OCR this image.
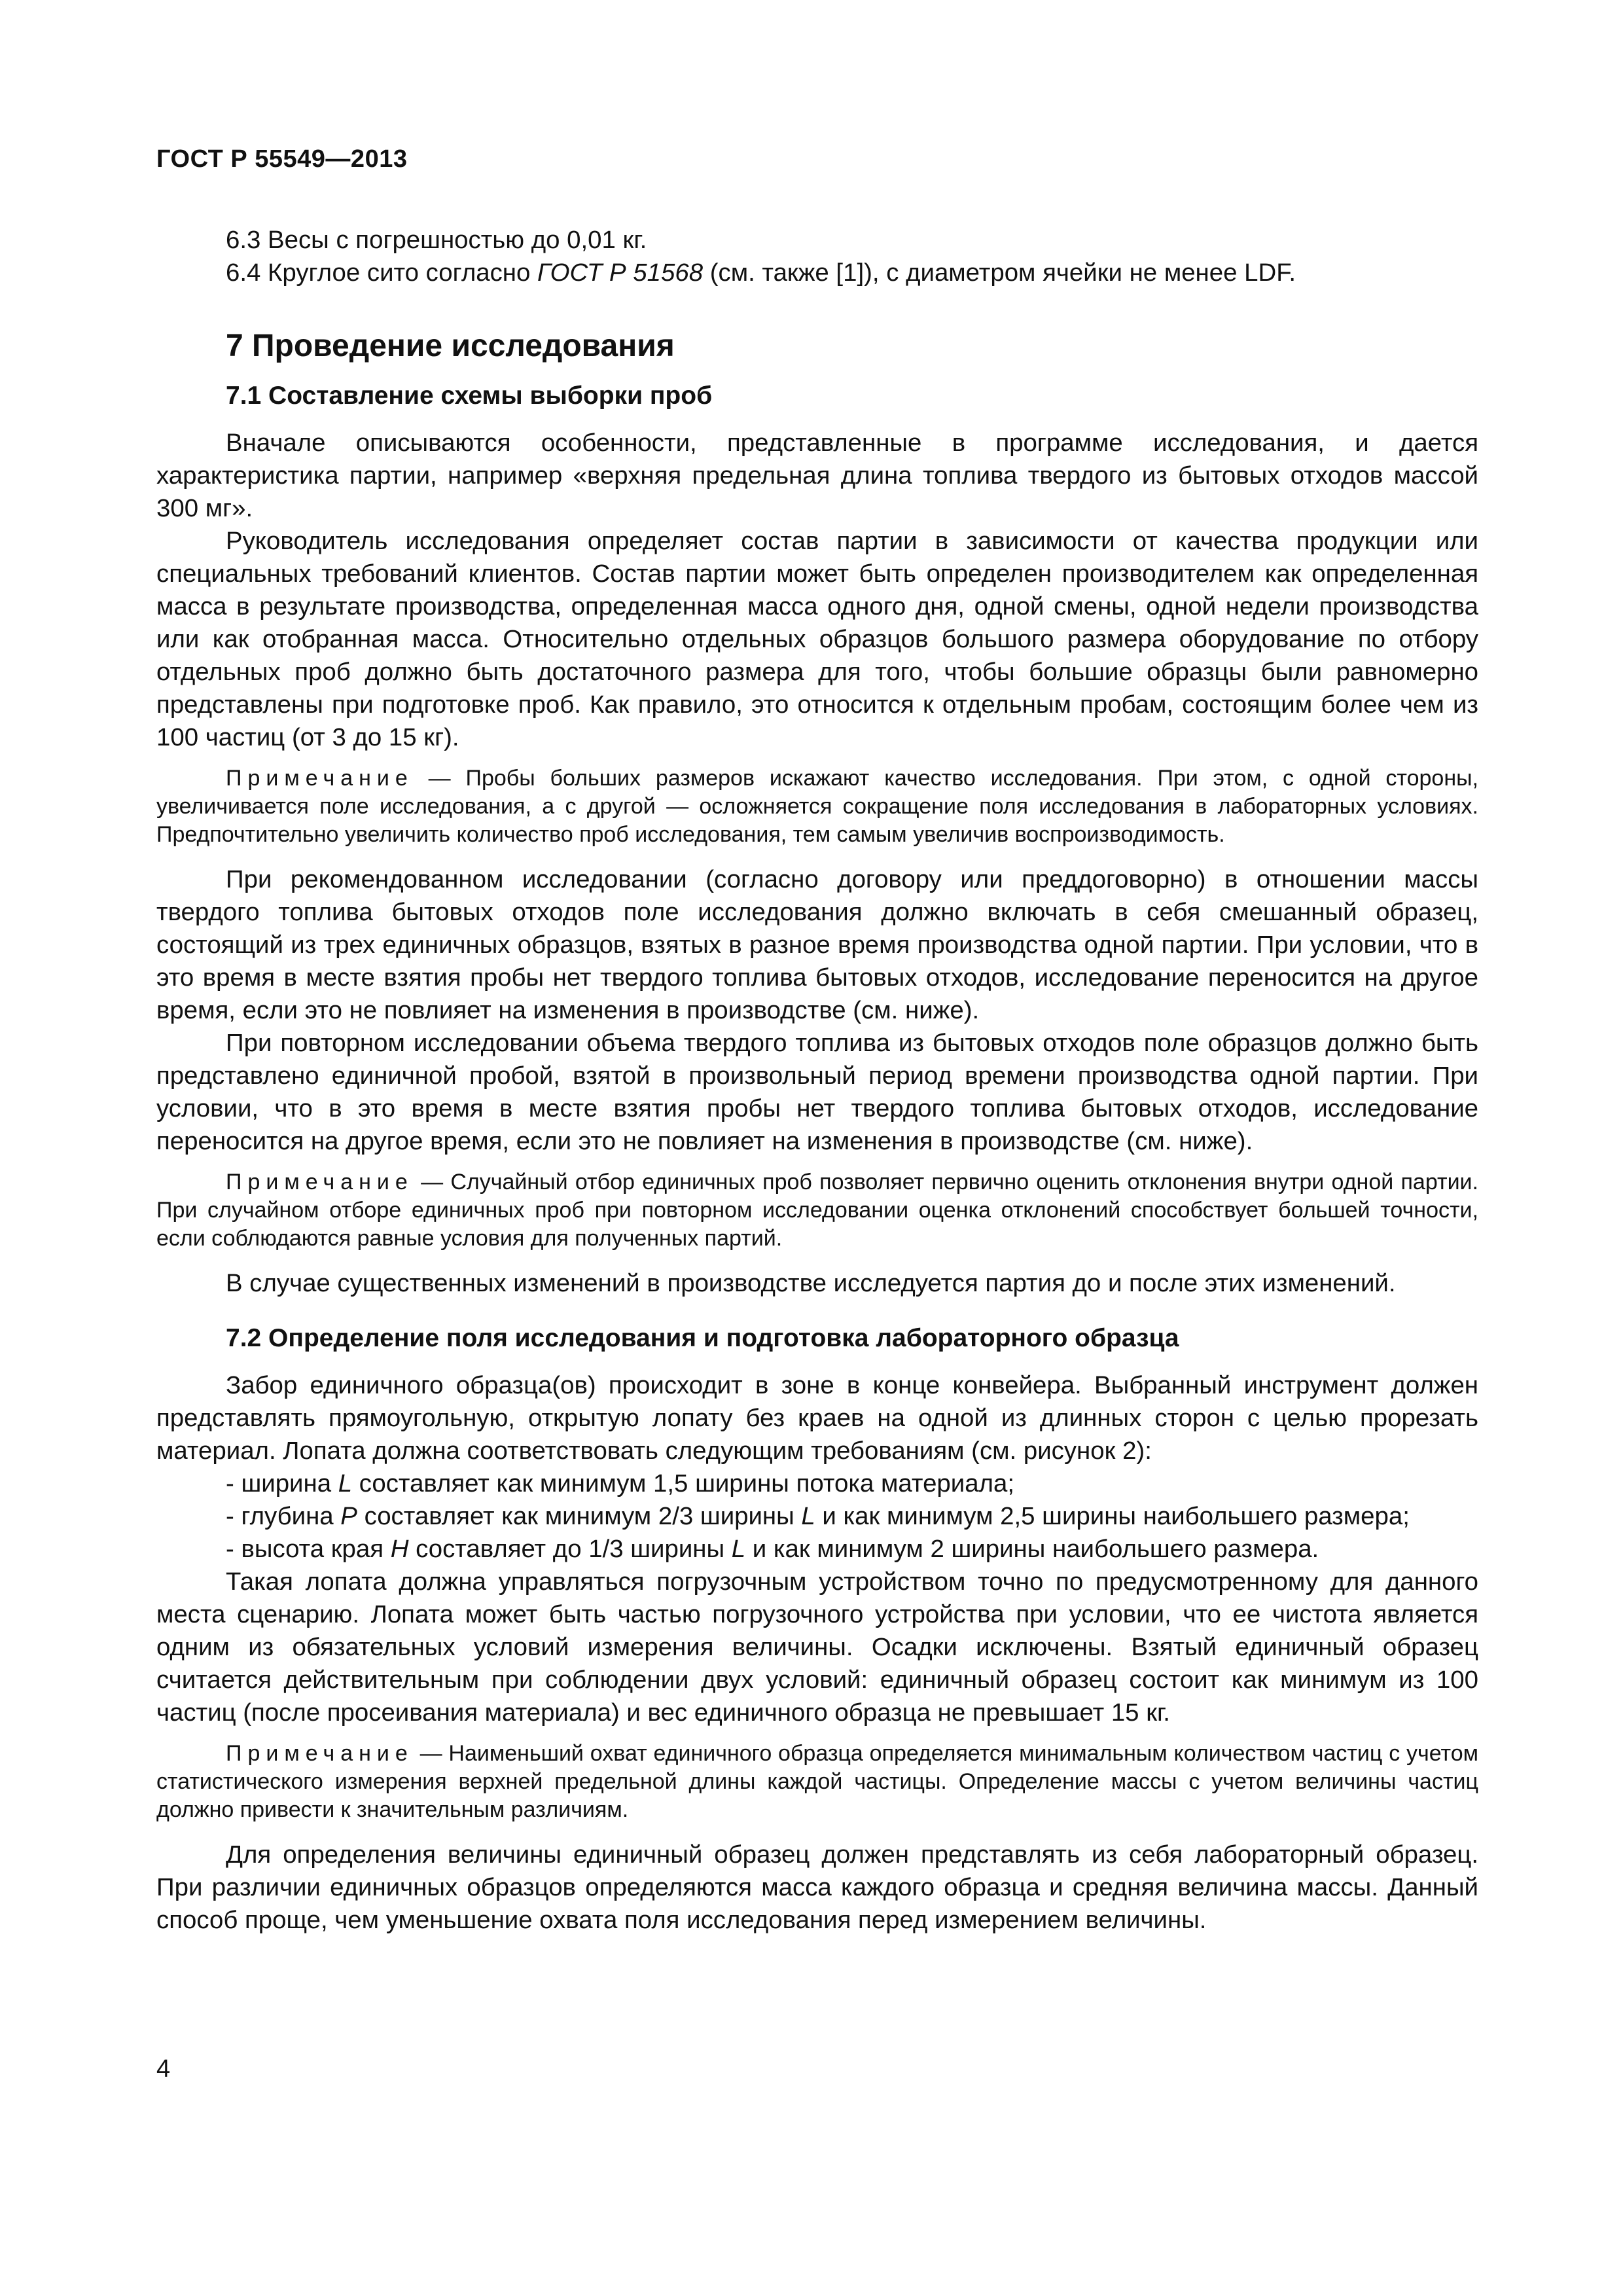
ГОСТ Р 55549—2013

6.3 Весы с погрешностью до 0,01 кг.

6.4 Круглое сито согласно ГОСТ Р 51568 (см. также [1]), с диаметром ячейки не менее LDF.

7 Проведение исследования
7.1 Составление схемы выборки проб

Вначале описываются особенности, представленные в программе исследования, и дается характеристика партии, например «верхняя предельная длина топлива твердого из бытовых отходов массой 300 мг».

Руководитель исследования определяет состав партии в зависимости от качества продукции или специальных требований клиентов. Состав партии может быть определен производителем как определенная масса в результате производства, определенная масса одного дня, одной смены, одной недели производства или как отобранная масса. Относительно отдельных образцов большого размера оборудование по отбору отдельных проб должно быть достаточного размера для того, чтобы большие образцы были равномерно представлены при подготовке проб. Как правило, это относится к отдельным пробам, состоящим более чем из 100 частиц (от 3 до 15 кг).

Примечание — Пробы больших размеров искажают качество исследования. При этом, с одной стороны, увеличивается поле исследования, а с другой — осложняется сокращение поля исследования в лабораторных условиях. Предпочтительно увеличить количество проб исследования, тем самым увеличив воспроизводимость.

При рекомендованном исследовании (согласно договору или преддоговорно) в отношении массы твердого топлива бытовых отходов поле исследования должно включать в себя смешанный образец, состоящий из трех единичных образцов, взятых в разное время производства одной партии. При условии, что в это время в месте взятия пробы нет твердого топлива бытовых отходов, исследование переносится на другое время, если это не повлияет на изменения в производстве (см. ниже).

При повторном исследовании объема твердого топлива из бытовых отходов поле образцов должно быть представлено единичной пробой, взятой в произвольный период времени производства одной партии. При условии, что в это время в месте взятия пробы нет твердого топлива бытовых отходов, исследование переносится на другое время, если это не повлияет на изменения в производстве (см. ниже).

Примечание — Случайный отбор единичных проб позволяет первично оценить отклонения внутри одной партии. При случайном отборе единичных проб при повторном исследовании оценка отклонений способствует большей точности, если соблюдаются равные условия для полученных партий.

В случае существенных изменений в производстве исследуется партия до и после этих изменений.

7.2 Определение поля исследования и подготовка лабораторного образца

Забор единичного образца(ов) происходит в зоне в конце конвейера. Выбранный инструмент должен представлять прямоугольную, открытую лопату без краев на одной из длинных сторон с целью прорезать материал. Лопата должна соответствовать следующим требованиям (см. рисунок 2):

- ширина L составляет как минимум 1,5 ширины потока материала;

- глубина P составляет как минимум 2/3 ширины L и как минимум 2,5 ширины наибольшего размера;

- высота края H составляет до 1/3 ширины L и как минимум 2 ширины наибольшего размера.

Такая лопата должна управляться погрузочным устройством точно по предусмотренному для данного места сценарию. Лопата может быть частью погрузочного устройства при условии, что ее чистота является одним из обязательных условий измерения величины. Осадки исключены. Взятый единичный образец считается действительным при соблюдении двух условий: единичный образец состоит как минимум из 100 частиц (после просеивания материала) и вес единичного образца не превышает 15 кг.

Примечание — Наименьший охват единичного образца определяется минимальным количеством частиц с учетом статистического измерения верхней предельной длины каждой частицы. Определение массы с учетом величины частиц должно привести к значительным различиям.

Для определения величины единичный образец должен представлять из себя лабораторный образец. При различии единичных образцов определяются масса каждого образца и средняя величина массы. Данный способ проще, чем уменьшение охвата поля исследования перед измерением величины.

4
